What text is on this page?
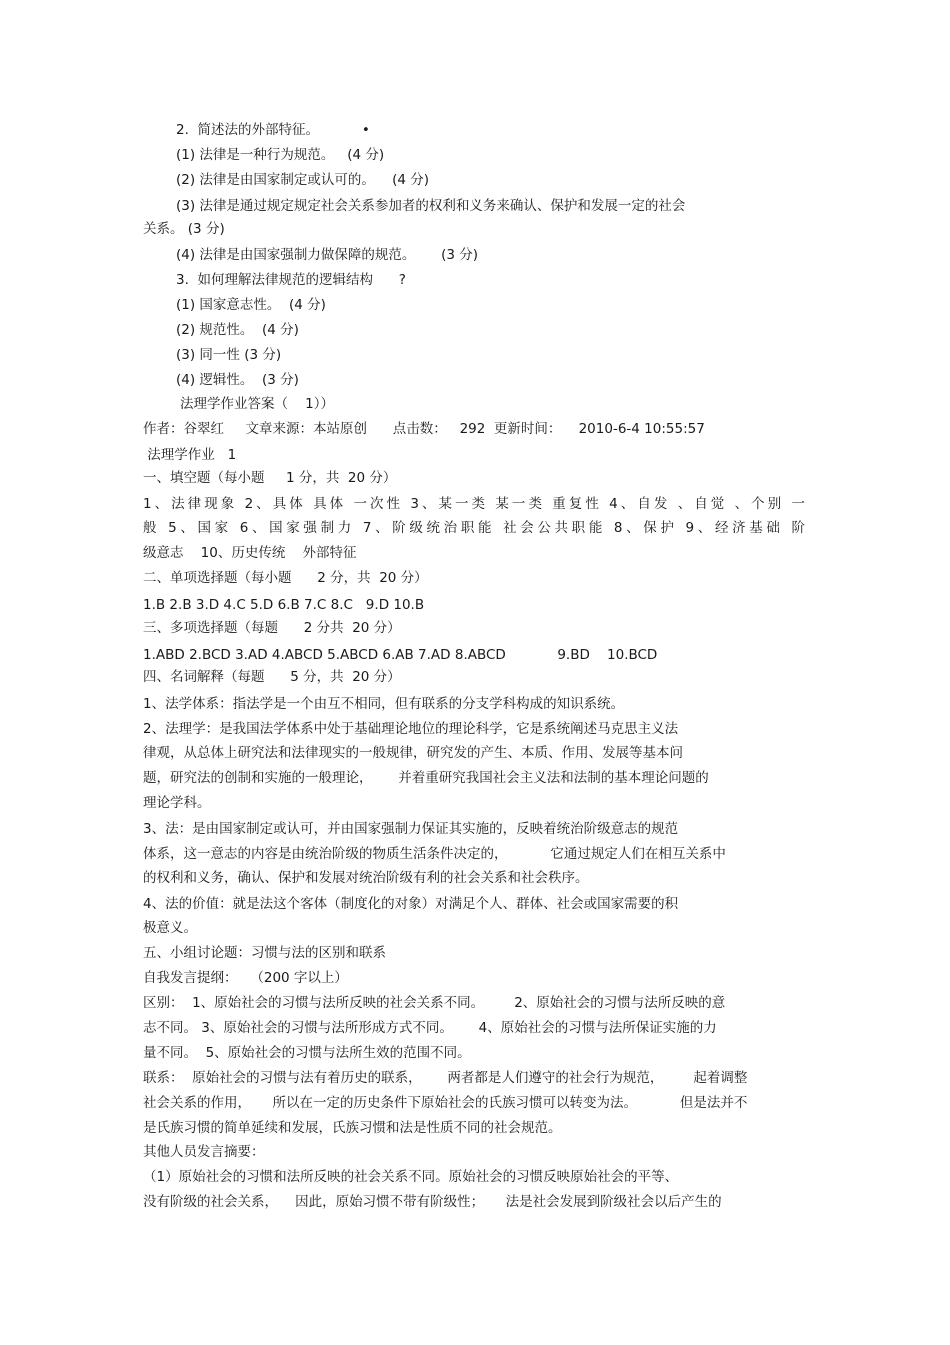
2.  简述法的外部特征。          •
(1) 法律是一种行为规范。   (4 分)
(2) 法律是由国家制定或认可的。    (4 分)
(3) 法律是通过规定规定社会关系参加者的权利和义务来确认、保护和发展一定的社会
关系。 (3 分)
(4) 法律是由国家强制力做保障的规范。      (3 分)
3.  如何理解法律规范的逻辑结构      ?
(1) 国家意志性。  (4 分)
(2) 规范性。  (4 分)
(3) 同一性 (3 分)
(4) 逻辑性。  (3 分)
法理学作业答案（    1））
作者：谷翠红     文章来源：本站原创      点击数：   292  更新时间：    2010-6-4 10:55:57
法理学作业   1
一、填空题（每小题     1 分，共  20 分）
1、法律现象 2、具体 具体 一次性 3、某一类 某一类 重复性 4、自发 、自觉 、个别 一
般 5、国家 6、国家强制力 7、阶级统治职能 社会公共职能 8、保护 9、经济基础 阶
级意志    10、历史传统    外部特征
二、单项选择题（每小题      2 分，共  20 分）
1.B 2.B 3.D 4.C 5.D 6.B 7.C 8.C   9.D 10.B
三、多项选择题（每题      2 分共  20 分）
1.ABD 2.BCD 3.AD 4.ABCD 5.ABCD 6.AB 7.AD 8.ABCD            9.BD    10.BCD
四、名词解释（每题      5 分，共  20 分）
1、法学体系：指法学是一个由互不相同，但有联系的分支学科构成的知识系统。
2、法理学：是我国法学体系中处于基础理论地位的理论科学，它是系统阐述马克思主义法
律观，从总体上研究法和法律现实的一般规律，研究发的产生、本质、作用、发展等基本问
题，研究法的创制和实施的一般理论，      并着重研究我国社会主义法和法制的基本理论问题的
理论学科。
3、法：是由国家制定或认可，并由国家强制力保证其实施的，反映着统治阶级意志的规范
体系，这一意志的内容是由统治阶级的物质生活条件决定的，          它通过规定人们在相互关系中
的权利和义务，确认、保护和发展对统治阶级有利的社会关系和社会秩序。
4、法的价值：就是法这个客体（制度化的对象）对满足个人、群体、社会或国家需要的积
极意义。
五、小组讨论题：习惯与法的区别和联系
自我发言提纲：   （200 字以上）
区别：  1、原始社会的习惯与法所反映的社会关系不同。       2、原始社会的习惯与法所反映的意
志不同。 3、原始社会的习惯与法所形成方式不同。      4、原始社会的习惯与法所保证实施的力
量不同。  5、原始社会的习惯与法所生效的范围不同。
联系：  原始社会的习惯与法有着历史的联系，      两者都是人们遵守的社会行为规范，       起着调整
社会关系的作用，     所以在一定的历史条件下原始社会的氏族习惯可以转变为法。          但是法并不
是氏族习惯的简单延续和发展，氏族习惯和法是性质不同的社会规范。
其他人员发言摘要：
（1）原始社会的习惯和法所反映的社会关系不同。原始社会的习惯反映原始社会的平等、
没有阶级的社会关系，    因此，原始习惯不带有阶级性；     法是社会发展到阶级社会以后产生的
